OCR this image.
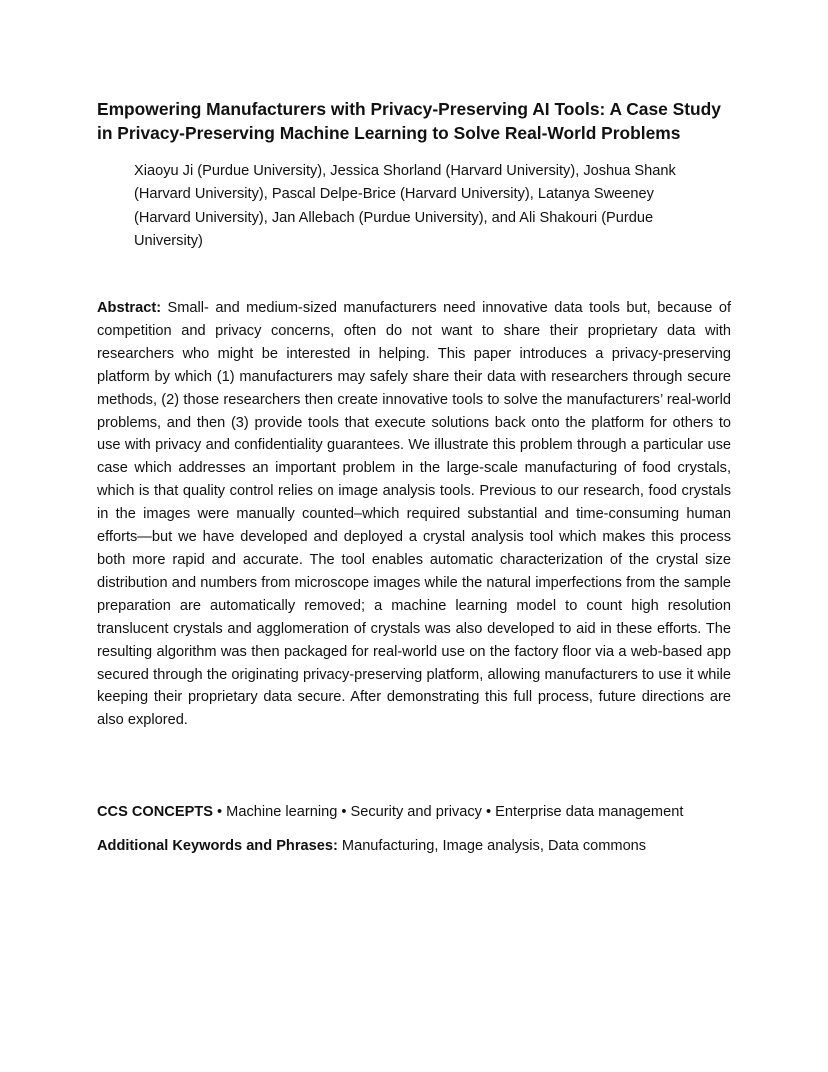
Empowering Manufacturers with Privacy-Preserving AI Tools: A Case Study in Privacy-Preserving Machine Learning to Solve Real-World Problems

Xiaoyu Ji (Purdue University), Jessica Shorland (Harvard University), Joshua Shank (Harvard University), Pascal Delpe-Brice (Harvard University), Latanya Sweeney (Harvard University), Jan Allebach (Purdue University), and Ali Shakouri (Purdue University)

Abstract: Small- and medium-sized manufacturers need innovative data tools but, because of competition and privacy concerns, often do not want to share their proprietary data with researchers who might be interested in helping. This paper introduces a privacy-preserving platform by which (1) manufacturers may safely share their data with researchers through secure methods, (2) those researchers then create innovative tools to solve the manufacturers’ real-world problems, and then (3) provide tools that execute solutions back onto the platform for others to use with privacy and confidentiality guarantees. We illustrate this problem through a particular use case which addresses an important problem in the large-scale manufacturing of food crystals, which is that quality control relies on image analysis tools. Previous to our research, food crystals in the images were manually counted–which required substantial and time-consuming human efforts—but we have developed and deployed a crystal analysis tool which makes this process both more rapid and accurate. The tool enables automatic characterization of the crystal size distribution and numbers from microscope images while the natural imperfections from the sample preparation are automatically removed; a machine learning model to count high resolution translucent crystals and agglomeration of crystals was also developed to aid in these efforts. The resulting algorithm was then packaged for real-world use on the factory floor via a web-based app secured through the originating privacy-preserving platform, allowing manufacturers to use it while keeping their proprietary data secure. After demonstrating this full process, future directions are also explored.

CCS CONCEPTS • Machine learning • Security and privacy • Enterprise data management

Additional Keywords and Phrases: Manufacturing, Image analysis, Data commons
